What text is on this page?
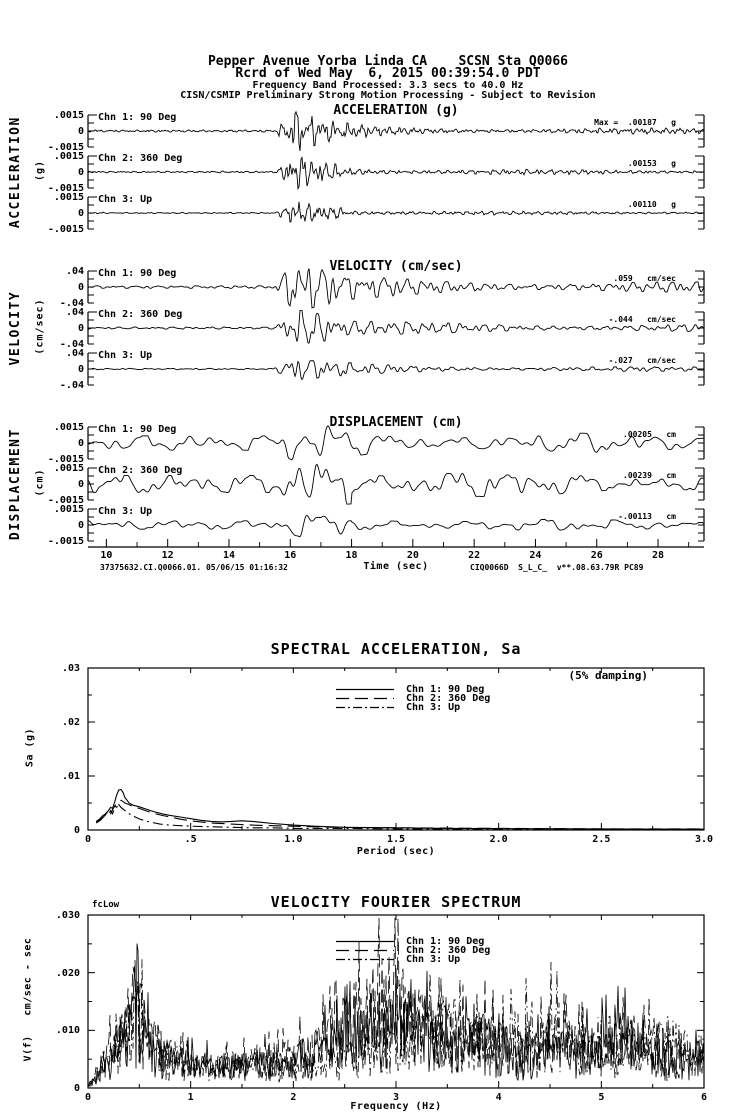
Pepper Avenue Yorba Linda CA    SCSN Sta Q0066
Rcrd of Wed May  6, 2015 00:39:54.0 PDT
Frequency Band Processed: 3.3 secs to 40.0 Hz
CISN/CSMIP Preliminary Strong Motion Processing - Subject to Revision
ACCELERATION (g)
VELOCITY (cm/sec)
DISPLACEMENT (cm)
ACCELERATION (g)
VELOCITY (cm/sec)
DISPLACEMENT (cm)
Time (sec)
37375632.CI.Q0066.01. 05/06/15 01:16:32	CIQ0066D  S_L_C_  v**.08.63.79R PC89
SPECTRAL ACCELERATION, Sa
(5% damping)
Sa (g)
Period (sec)
Chn 1: 90 Deg
Chn 2: 360 Deg
Chn 3: Up
VELOCITY FOURIER SPECTRUM
fcLow
V(f)   cm/sec - sec
Frequency (Hz)
Chn 1: 90 Deg
Chn 2: 360 Deg
Chn 3: Up
Chn 1: 90 Deg	Max =  .00187   g
.0015
0
-.0015
Chn 2: 360 Deg	.00153   g
.0015
0
-.0015
Chn 3: Up	.00110   g
.0015
0
-.0015
Chn 1: 90 Deg	.059   cm/sec
.04
0
-.04
Chn 2: 360 Deg	-.044   cm/sec
.04
0
-.04
Chn 3: Up	-.027   cm/sec
.04
0
-.04
Chn 1: 90 Deg	.00205   cm
.0015
0
-.0015
Chn 2: 360 Deg	.00239   cm
.0015
0
-.0015
Chn 3: Up	-.00113   cm
.0015
0
-.0015
10	12	14	16	18	20	22	24	26	28
0	.5	1.0	1.5	2.0	2.5	3.0
.03
.02
.01
0
0	1	2	3	4	5	6
.030
.020
.010
0
